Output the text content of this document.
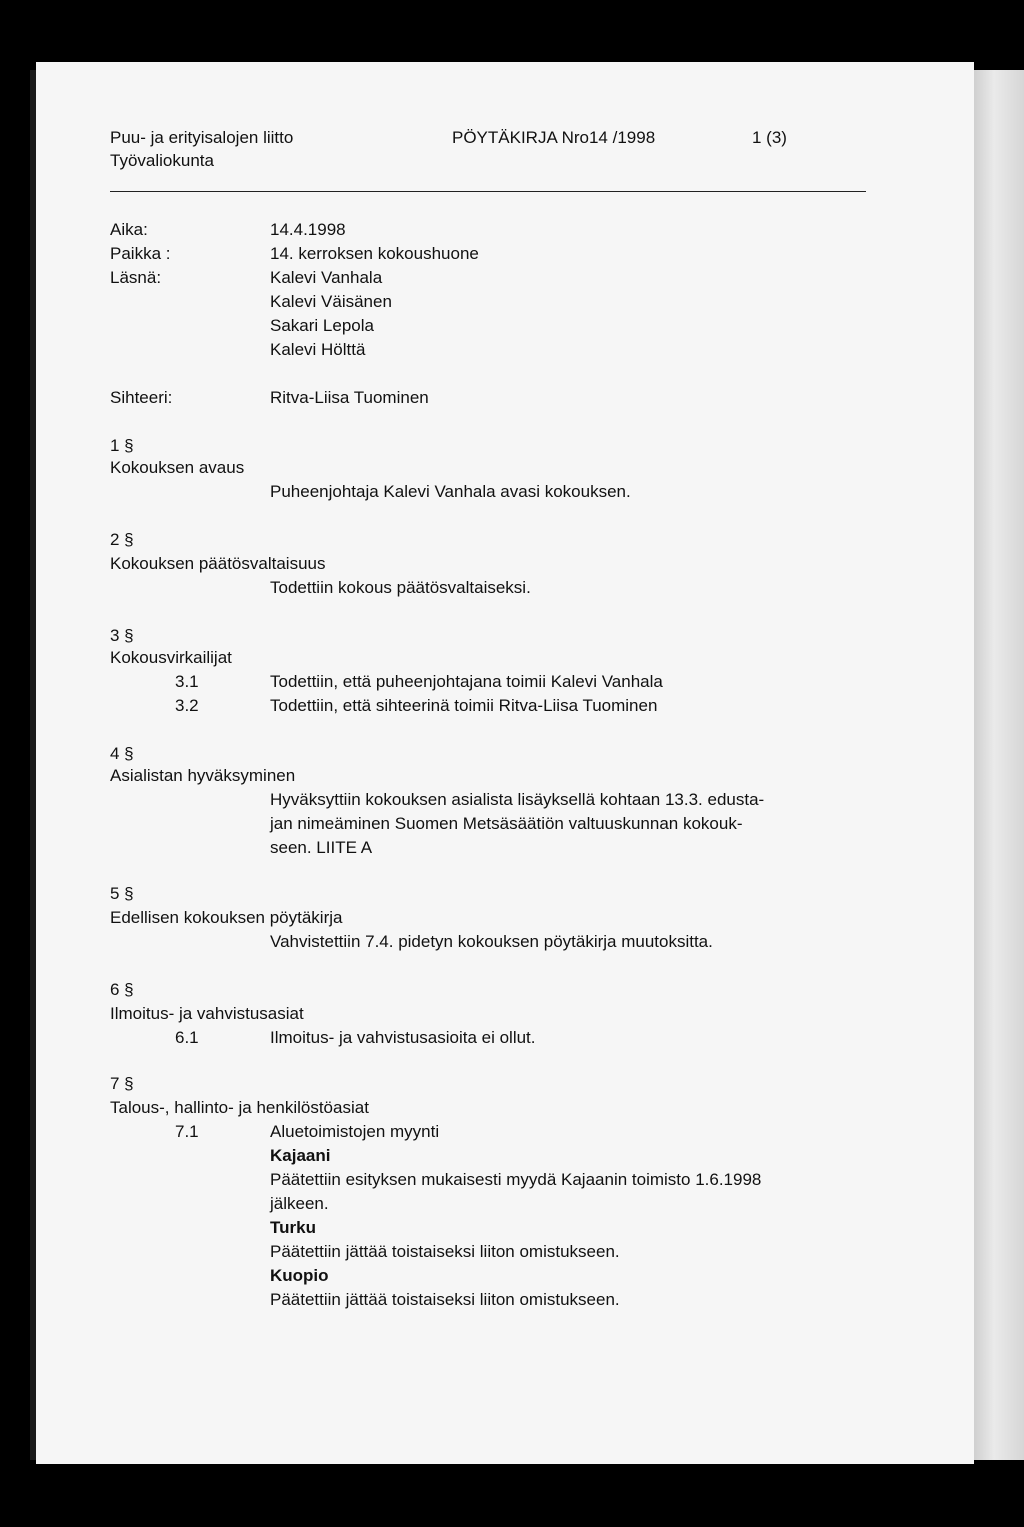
Puu- ja erityisalojen liitto
Työvaliokunta
PÖYTÄKIRJA Nro14 /1998	1 (3)
Aika:	14.4.1998
Paikka :	14. kerroksen kokoushuone
Läsnä:	Kalevi Vanhala
Kalevi Väisänen
Sakari Lepola
Kalevi Hölttä
Sihteeri:	Ritva-Liisa Tuominen
1 §
Kokouksen avaus
Puheenjohtaja Kalevi Vanhala avasi kokouksen.
2 §
Kokouksen päätösvaltaisuus
Todettiin kokous päätösvaltaiseksi.
3 §
Kokousvirkailijat
3.1	Todettiin, että puheenjohtajana toimii Kalevi Vanhala
3.2	Todettiin, että sihteerinä toimii Ritva-Liisa Tuominen
4 §
Asialistan hyväksyminen
Hyväksyttiin kokouksen asialista lisäyksellä kohtaan 13.3. edusta-
jan nimeäminen Suomen Metsäsäätiön valtuuskunnan kokouk-
seen. LIITE A
5 §
Edellisen kokouksen pöytäkirja
Vahvistettiin 7.4. pidetyn kokouksen pöytäkirja muutoksitta.
6 §
Ilmoitus- ja vahvistusasiat
6.1	Ilmoitus- ja vahvistusasioita ei ollut.
7 §
Talous-, hallinto- ja henkilöstöasiat
7.1	Aluetoimistojen myynti
Kajaani
Päätettiin esityksen mukaisesti myydä Kajaanin toimisto 1.6.1998
jälkeen.
Turku
Päätettiin jättää toistaiseksi liiton omistukseen.
Kuopio
Päätettiin jättää toistaiseksi liiton omistukseen.
